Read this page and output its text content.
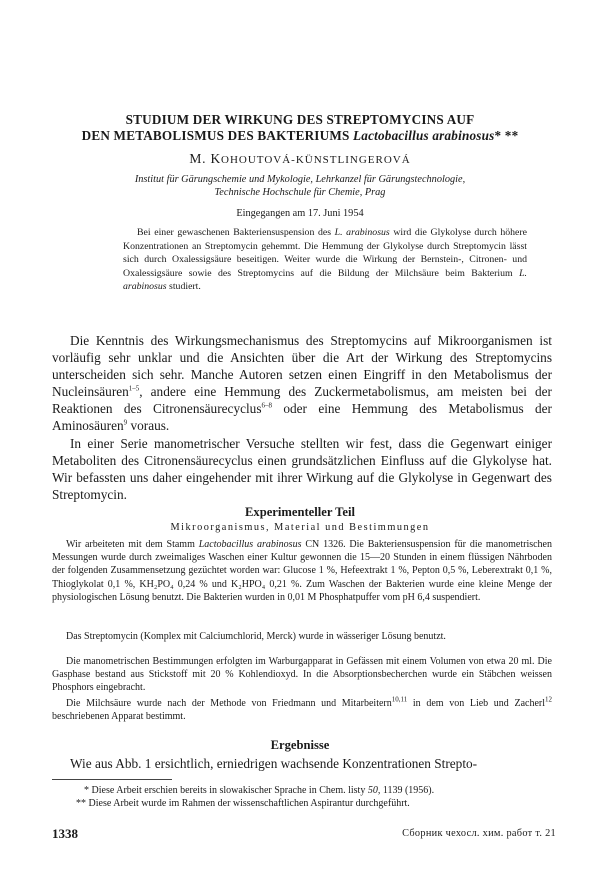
STUDIUM DER WIRKUNG DES STREPTOMYCINS AUF
DEN METABOLISMUS DES BAKTERIUMS Lactobacillus arabinosus* **
M. KOHOUTOVÁ-KÜNSTLINGEROVÁ
Institut für Gärungschemie und Mykologie, Lehrkanzel für Gärungstechnologie,
Technische Hochschule für Chemie, Prag
Eingegangen am 17. Juni 1954

Bei einer gewaschenen Bakteriensuspension des L. arabinosus wird die Glykolyse durch höhere Konzentrationen an Streptomycin gehemmt. Die Hemmung der Glykolyse durch Streptomycin lässt sich durch Oxalessigsäure beseitigen. Weiter wurde die Wirkung der Bernstein-, Citronen- und Oxalessigsäure sowie des Streptomycins auf die Bildung der Milchsäure beim Bakterium L. arabinosus studiert.

Die Kenntnis des Wirkungsmechanismus des Streptomycins auf Mikroorganismen ist vorläufig sehr unklar und die Ansichten über die Art der Wirkung des Streptomycins unterscheiden sich sehr. Manche Autoren setzen einen Eingriff in den Metabolismus der Nucleinsäuren$^{1-5}$, andere eine Hemmung des Zuckermetabolismus, am meisten bei der Reaktionen des Citronensäurecyclus$^{6-8}$ oder eine Hemmung des Metabolismus der Aminosäuren$^9$ voraus.

In einer Serie manometrischer Versuche stellten wir fest, dass die Gegenwart einiger Metaboliten des Citronensäurecyclus einen grundsätzlichen Einfluss auf die Glykolyse hat. Wir befassten uns daher eingehender mit ihrer Wirkung auf die Glykolyse in Gegenwart des Streptomycin.

Experimenteller Teil
Mikroorganismus, Material und Bestimmungen

Wir arbeiteten mit dem Stamm Lactobacillus arabinosus CN 1326. Die Bakteriensuspension für die manometrischen Messungen wurde durch zweimaliges Waschen einer Kultur gewonnen die 15—20 Stunden in einem flüssigen Nährboden der folgenden Zusammensetzung gezüchtet worden war: Glucose 1 %, Hefeextrakt 1 %, Pepton 0,5 %, Leberextrakt 0,1 %, Thioglykolat 0,1 %, KH₂PO₄ 0,24 % und K₂HPO₄ 0,21 %. Zum Waschen der Bakterien wurde eine kleine Menge der physiologischen Lösung benutzt. Die Bakterien wurden in 0,01 M Phosphatpuffer vom pH 6,4 suspendiert.

Das Streptomycin (Komplex mit Calciumchlorid, Merck) wurde in wässeriger Lösung benutzt.

Die manometrischen Bestimmungen erfolgten im Warburgapparat in Gefässen mit einem Volumen von etwa 20 ml. Die Gasphase bestand aus Stickstoff mit 20 % Kohlendioxyd. In die Absorptionsbecherchen wurde ein Stäbchen weissen Phosphors eingebracht.

Die Milchsäure wurde nach der Methode von Friedmann und Mitarbeitern$^{10,11}$ in dem von Lieb und Zacherl$^{12}$ beschriebenen Apparat bestimmt.

Ergebnisse

Wie aus Abb. 1 ersichtlich, erniedrigen wachsende Konzentrationen Strepto-

* Diese Arbeit erschien bereits in slowakischer Sprache in Chem. listy 50, 1139 (1956).
** Diese Arbeit wurde im Rahmen der wissenschaftlichen Aspirantur durchgeführt.
1338	Сборник чехосл. хим. работ т. 21
